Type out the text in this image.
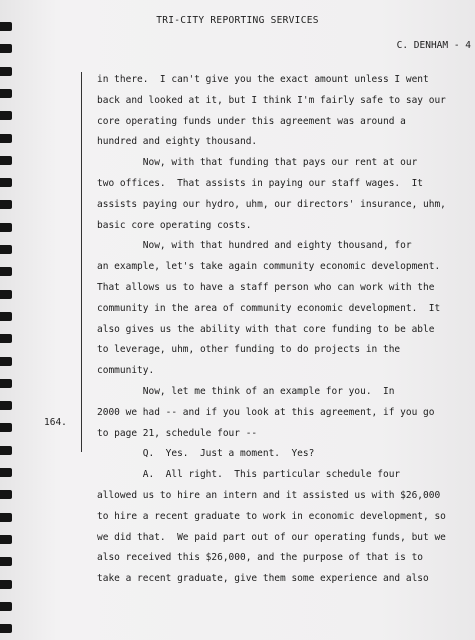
TRI-CITY REPORTING SERVICES
C. DENHAM - 4
in there.  I can't give you the exact amount unless I went
back and looked at it, but I think I'm fairly safe to say our
core operating funds under this agreement was around a
hundred and eighty thousand.
Now, with that funding that pays our rent at our
two offices.  That assists in paying our staff wages.  It
assists paying our hydro, uhm, our directors' insurance, uhm,
basic core operating costs.
Now, with that hundred and eighty thousand, for
an example, let's take again community economic development.
That allows us to have a staff person who can work with the
community in the area of community economic development.  It
also gives us the ability with that core funding to be able
to leverage, uhm, other funding to do projects in the
community.
Now, let me think of an example for you.  In
2000 we had -- and if you look at this agreement, if you go
to page 21, schedule four --
Q.  Yes.  Just a moment.  Yes?
A.  All right.  This particular schedule four
allowed us to hire an intern and it assisted us with $26,000
to hire a recent graduate to work in economic development, so
we did that.  We paid part out of our operating funds, but we
also received this $26,000, and the purpose of that is to
take a recent graduate, give them some experience and also
164.
